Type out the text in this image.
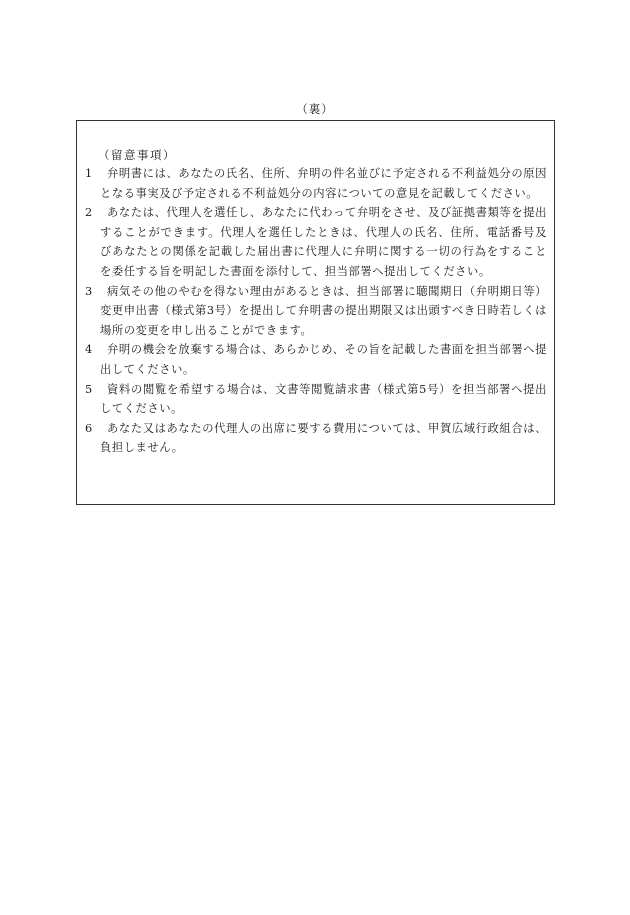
（裏）
（留意事項）
1	弁明書には、あなたの氏名、住所、弁明の件名並びに予定される不利益処分の原因となる事実及び予定される不利益処分の内容についての意見を記載してください。
2	あなたは、代理人を選任し、あなたに代わって弁明をさせ、及び証拠書類等を提出することができます。代理人を選任したときは、代理人の氏名、住所、電話番号及びあなたとの関係を記載した届出書に代理人に弁明に関する一切の行為をすることを委任する旨を明記した書面を添付して、担当部署へ提出してください。
3	病気その他のやむを得ない理由があるときは、担当部署に聴聞期日（弁明期日等）変更申出書（様式第3号）を提出して弁明書の提出期限又は出頭すべき日時若しくは場所の変更を申し出ることができます。
4	弁明の機会を放棄する場合は、あらかじめ、その旨を記載した書面を担当部署へ提出してください。
5	資料の閲覧を希望する場合は、文書等閲覧請求書（様式第5号）を担当部署へ提出してください。
6	あなた又はあなたの代理人の出席に要する費用については、甲賀広域行政組合は、負担しません。
